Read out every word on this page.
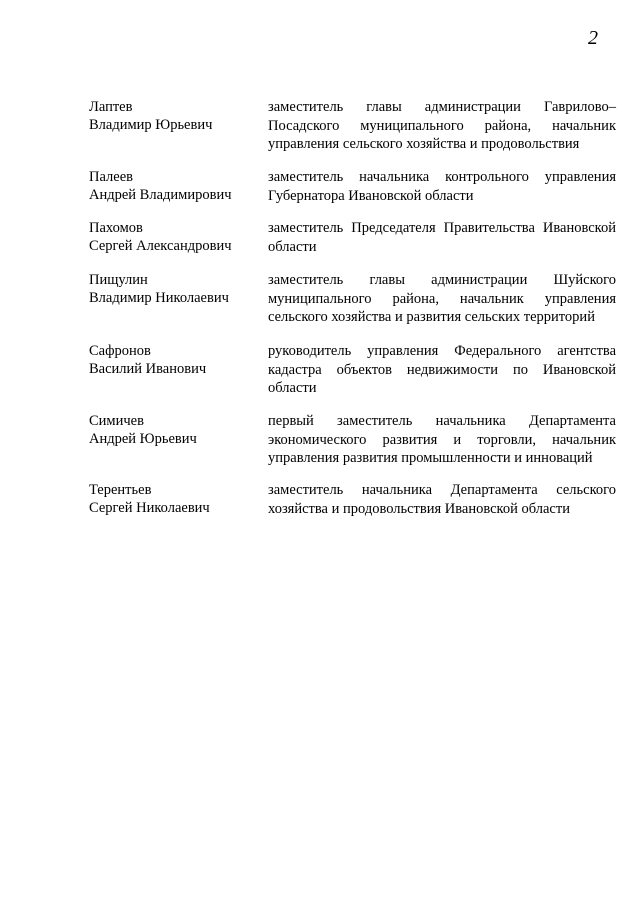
2
Лаптев
Владимир Юрьевич
заместитель главы администрации Гаврилово–Посадского муниципального района, начальник управления сельского хозяйства и продовольствия
Палеев
Андрей Владимирович
заместитель начальника контрольного управления Губернатора Ивановской области
Пахомов
Сергей Александрович
заместитель Председателя Правительства Ивановской области
Пищулин
Владимир Николаевич
заместитель главы администрации Шуйского муниципального района, начальник управления сельского хозяйства и развития сельских территорий
Сафронов
Василий Иванович
руководитель управления Федерального агентства кадастра объектов недвижимости по Ивановской области
Симичев
Андрей Юрьевич
первый заместитель начальника Департамента экономического развития и торговли, начальник управления развития промышленности и инноваций
Терентьев
Сергей Николаевич
заместитель начальника Департамента сельского хозяйства и продовольствия Ивановской области
